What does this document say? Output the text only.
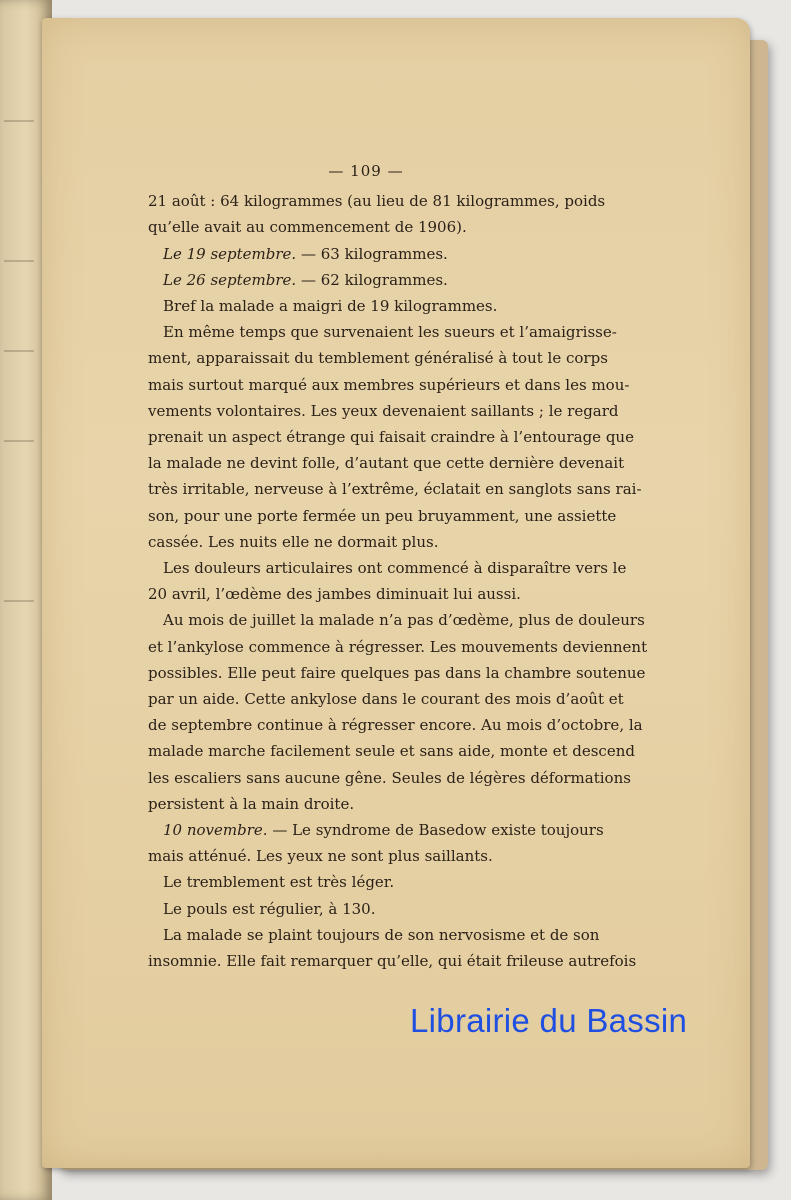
— 109 —
21 août : 64 kilogrammes (au lieu de 81 kilogrammes, poids
qu’elle avait au commencement de 1906).
Le 19 septembre. — 63 kilogrammes.
Le 26 septembre. — 62 kilogrammes.
Bref la malade a maigri de 19 kilogrammes.
En même temps que survenaient les sueurs et l’amaigrisse-
ment, apparaissait du temblement généralisé à tout le corps
mais surtout marqué aux membres supérieurs et dans les mou-
vements volontaires. Les yeux devenaient saillants ; le regard
prenait un aspect étrange qui faisait craindre à l’entourage que
la malade ne devint folle, d’autant que cette dernière devenait
très irritable, nerveuse à l’extrême, éclatait en sanglots sans rai-
son, pour une porte fermée un peu bruyamment, une assiette
cassée. Les nuits elle ne dormait plus.
Les douleurs articulaires ont commencé à disparaître vers le
20 avril, l’œdème des jambes diminuait lui aussi.
Au mois de juillet la malade n’a pas d’œdème, plus de douleurs
et l’ankylose commence à régresser. Les mouvements deviennent
possibles. Elle peut faire quelques pas dans la chambre soutenue
par un aide. Cette ankylose dans le courant des mois d’août et
de septembre continue à régresser encore. Au mois d’octobre, la
malade marche facilement seule et sans aide, monte et descend
les escaliers sans aucune gêne. Seules de légères déformations
persistent à la main droite.
10 novembre. — Le syndrome de Basedow existe toujours
mais atténué. Les yeux ne sont plus saillants.
Le tremblement est très léger.
Le pouls est régulier, à 130.
La malade se plaint toujours de son nervosisme et de son
insomnie. Elle fait remarquer qu’elle, qui était frileuse autrefois
Librairie du Bassin
